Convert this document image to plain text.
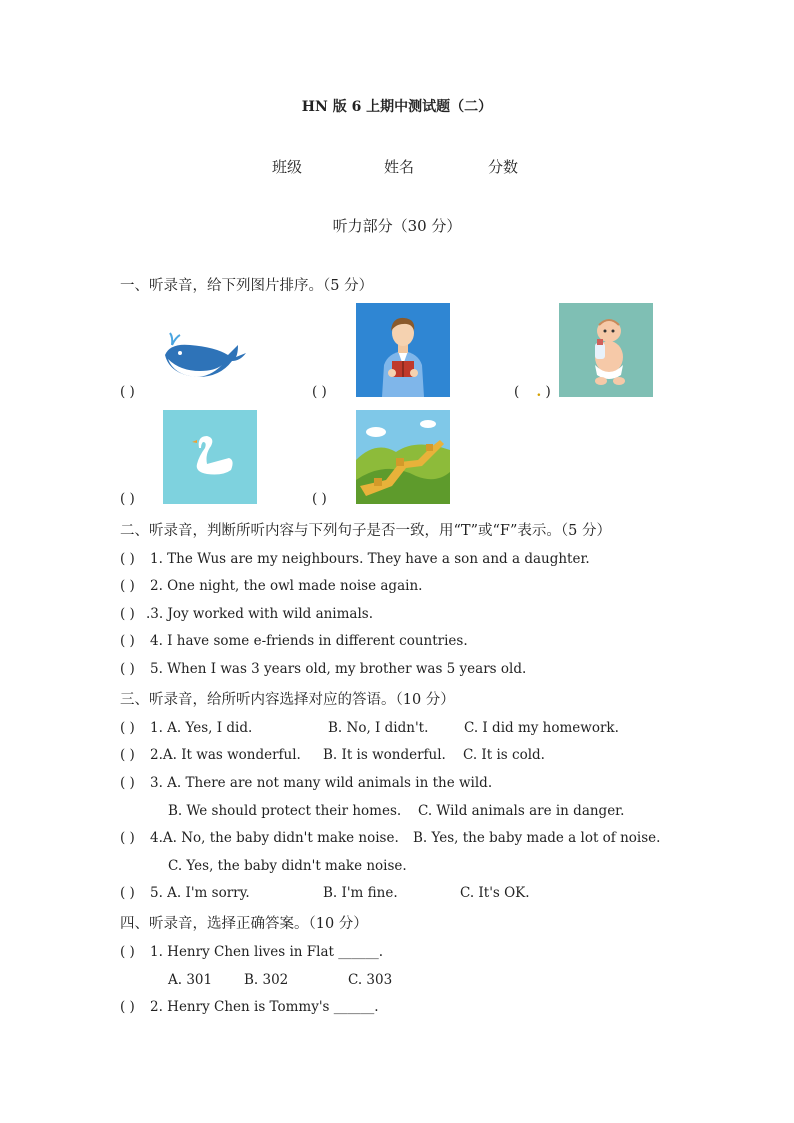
HN 版 6 上期中测试题（二）
班级	姓名	分数
听力部分（30 分）
一、听录音，给下列图片排序。（5 分）
( )	( )	( . )
( )	( )
二、听录音，判断所听内容与下列句子是否一致，用“T”或“F”表示。（5 分）
( ) 1. The Wus are my neighbours. They have a son and a daughter.
( ) 2. One night, the owl made noise again.
( ) .3. Joy worked with wild animals.
( ) 4. I have some e-friends in different countries.
( ) 5. When I was 3 years old, my brother was 5 years old.
三、听录音，给所听内容选择对应的答语。（10 分）
( ) 1. A. Yes, I did.	B. No, I didn't.	C. I did my homework.
( ) 2.A. It was wonderful. B. It is wonderful. C. It is cold.
( ) 3. A. There are not many wild animals in the wild.
B. We should protect their homes. C. Wild animals are in danger.
( ) 4.A. No, the baby didn't make noise. B. Yes, the baby made a lot of noise.
C. Yes, the baby didn't make noise.
( ) 5. A. I'm sorry.	B. I'm fine.	C. It's OK.
四、听录音，选择正确答案。（10 分）
( ) 1. Henry Chen lives in Flat ______.
A. 301 B. 302	C. 303
( ) 2. Henry Chen is Tommy's ______.
